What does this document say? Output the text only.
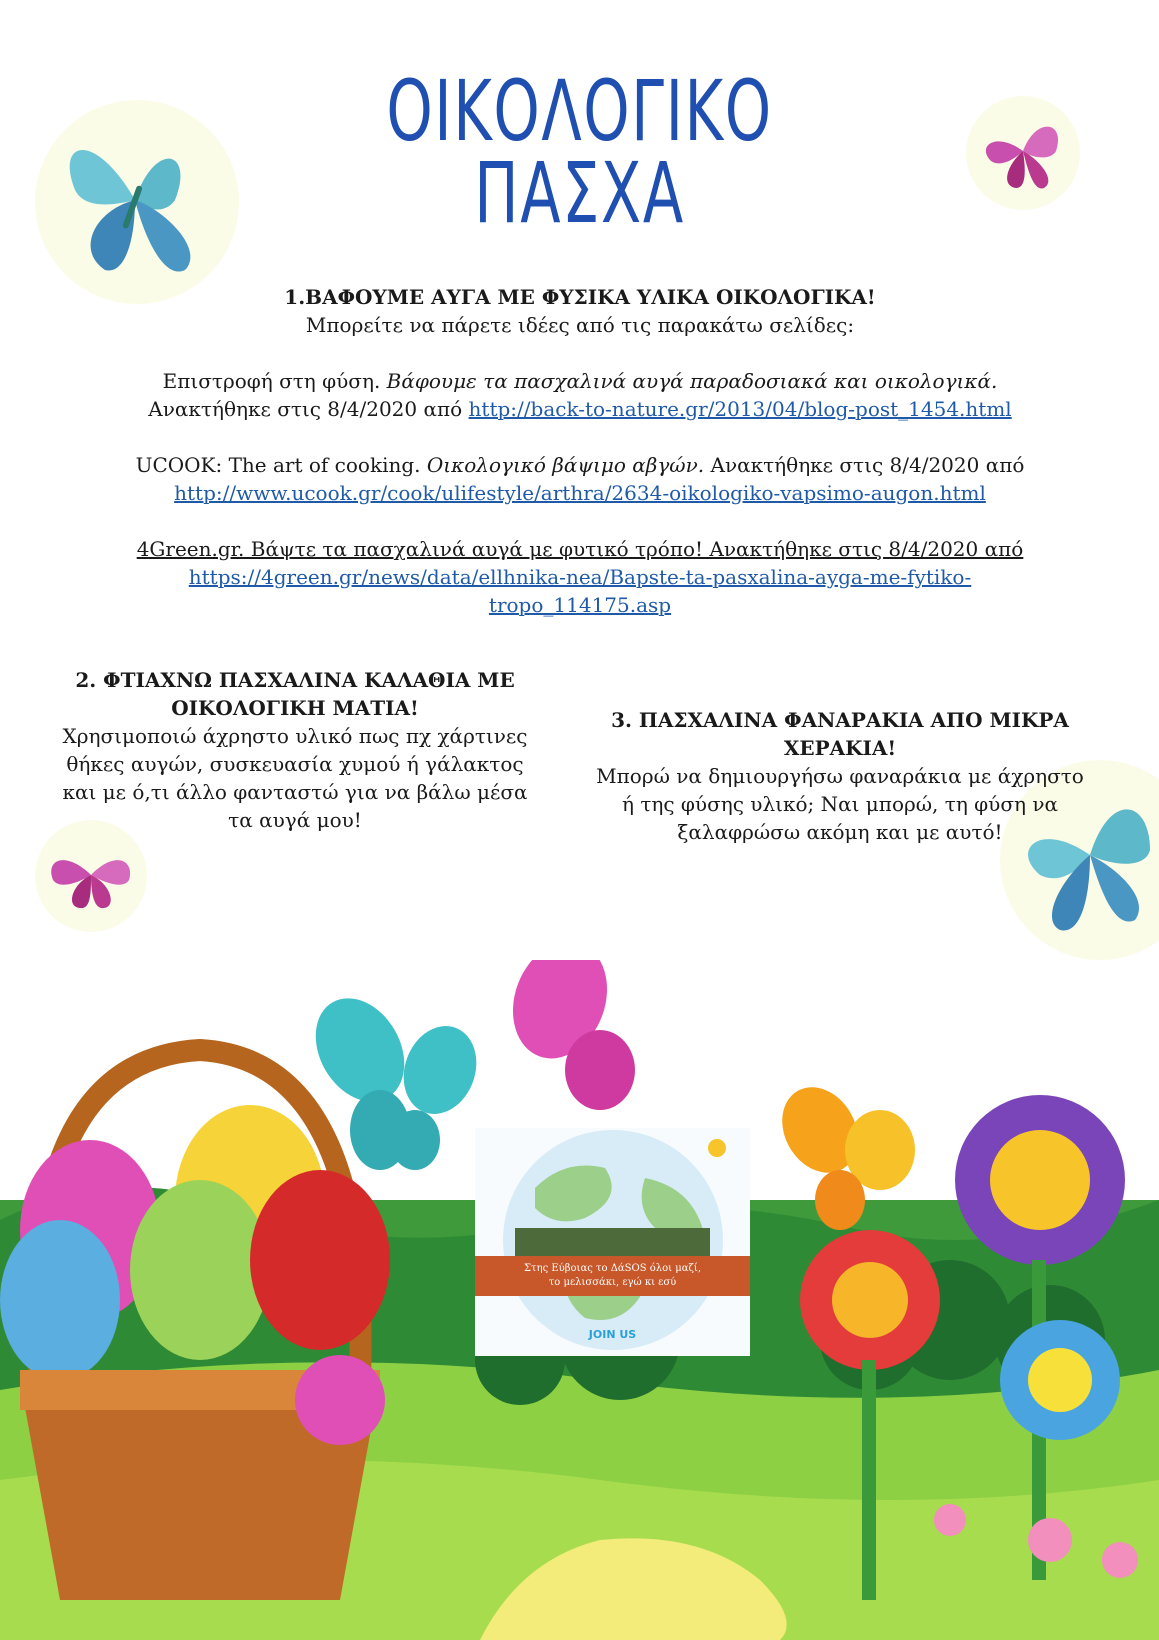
ΟΙΚΟΛΟΓΙΚΟ
ΠΑΣΧΑ
1.ΒΑΦΟΥΜΕ ΑΥΓΑ ΜΕ ΦΥΣΙΚΑ ΥΛΙΚΑ ΟΙΚΟΛΟΓΙΚΑ!
Μπορείτε να πάρετε ιδέες από τις παρακάτω σελίδες:
Επιστροφή στη φύση. Βάφουμε τα πασχαλινά αυγά παραδοσιακά και οικολογικά.
Ανακτήθηκε στις 8/4/2020 από http://back-to-nature.gr/2013/04/blog-post_1454.html
UCOOK: The art of cooking. Οικολογικό βάψιμο αβγών. Ανακτήθηκε στις 8/4/2020 από
http://www.ucook.gr/cook/ulifestyle/arthra/2634-oikologiko-vapsimo-augon.html
4Green.gr. Βάψτε τα πασχαλινά αυγά με φυτικό τρόπο! Ανακτήθηκε στις 8/4/2020 από
https://4green.gr/news/data/ellhnika-nea/Bapste-ta-pasxalina-ayga-me-fytiko-
tropo_114175.asp
2. ΦΤΙΑΧΝΩ ΠΑΣΧΑΛΙΝΑ ΚΑΛΑΘΙΑ ΜΕ
ΟΙΚΟΛΟΓΙΚΗ ΜΑΤΙΑ!
Χρησιμοποιώ άχρηστο υλικό πως πχ χάρτινες
θήκες αυγών, συσκευασία χυμού ή γάλακτος
και με ό,τι άλλο φανταστώ για να βάλω μέσα
τα αυγά μου!
3. ΠΑΣΧΑΛΙΝΑ ΦΑΝΑΡΑΚΙΑ ΑΠΟ ΜΙΚΡΑ
ΧΕΡΑΚΙΑ!
Μπορώ να δημιουργήσω φαναράκια με άχρηστο
ή της φύσης υλικό; Ναι μπορώ, τη φύση να
ξαλαφρώσω ακόμη και με αυτό!
Στης Εύβοιας το ΔάSOS όλοι μαζί,
το μελισσάκι, εγώ κι εσύ
JOIN US
